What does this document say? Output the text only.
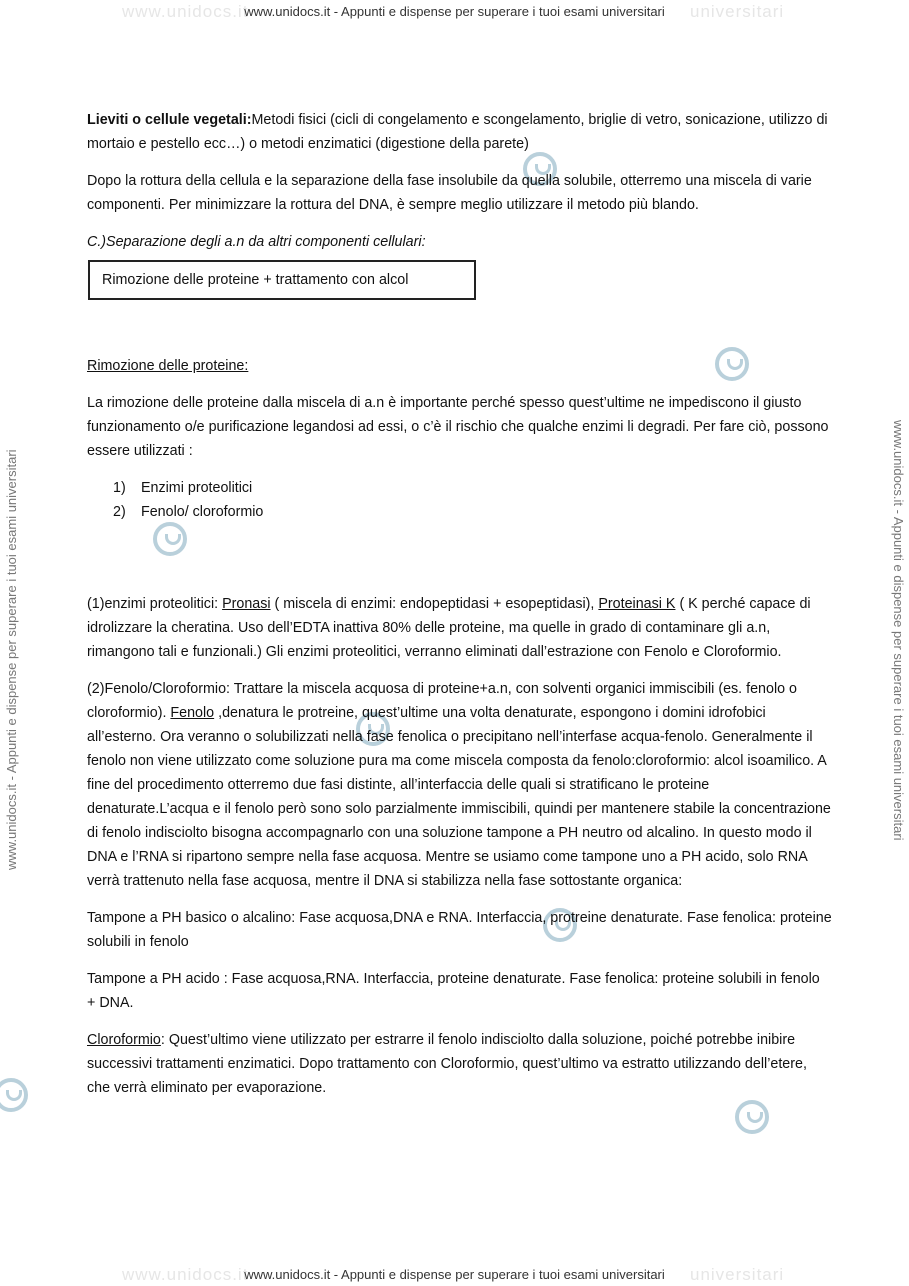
www.unidocs.it	universitari
www.unidocs.it	universitari
www.unidocs.it - Appunti e dispense per superare i tuoi esami universitari
www.unidocs.it - Appunti e dispense per superare i tuoi esami universitari
www.unidocs.it - Appunti e dispense per superare i tuoi esami universitari	www.unidocs.it - Appunti e dispense per superare i tuoi esami universitari

Lieviti o cellule vegetali:Metodi fisici (cicli di congelamento e scongelamento, briglie di vetro, sonicazione, utilizzo di mortaio e pestello ecc…) o metodi enzimatici (digestione della parete)

Dopo la rottura della cellula e la separazione della fase insolubile da quella solubile, otterremo una miscela di varie componenti. Per minimizzare la rottura del DNA, è sempre meglio utilizzare il metodo più blando.

C.)Separazione degli a.n da altri componenti cellulari:

Rimozione delle proteine + trattamento con alcol

Rimozione delle proteine:

La rimozione delle proteine dalla miscela di a.n è importante perché spesso quest’ultime ne impediscono il giusto funzionamento o/e purificazione legandosi ad essi, o c’è il rischio che qualche enzimi li degradi. Per fare ciò, possono essere utilizzati :

1) Enzimi proteolitici
2) Fenolo/ cloroformio

(1)enzimi proteolitici: Pronasi ( miscela di enzimi: endopeptidasi + esopeptidasi), Proteinasi K ( K perché capace di idrolizzare la cheratina. Uso dell’EDTA inattiva 80% delle proteine, ma quelle in grado di contaminare gli a.n, rimangono tali e funzionali.) Gli enzimi proteolitici, verranno eliminati dall’estrazione con Fenolo e Cloroformio.

(2)Fenolo/Cloroformio: Trattare la miscela acquosa di proteine+a.n, con solventi organici immiscibili (es. fenolo o cloroformio). Fenolo ,denatura le protreine, quest’ultime una volta denaturate, espongono i domini idrofobici all’esterno. Ora veranno o solubilizzati nella fase fenolica o precipitano nell’interfase acqua-fenolo. Generalmente il fenolo non viene utilizzato come soluzione pura ma come miscela composta da fenolo:cloroformio: alcol isoamilico. A fine del procedimento otterremo due fasi distinte, all’interfaccia delle quali si stratificano le proteine denaturate.L’acqua e il fenolo però sono solo parzialmente immiscibili, quindi per mantenere stabile la concentrazione di fenolo indisciolto bisogna accompagnarlo con una soluzione tampone a PH neutro od alcalino. In questo modo il DNA e l’RNA si ripartono sempre nella fase acquosa. Mentre se usiamo come tampone uno a PH acido, solo RNA verrà trattenuto nella fase acquosa, mentre il DNA si stabilizza nella fase sottostante organica:

Tampone a PH basico o alcalino: Fase acquosa,DNA e RNA. Interfaccia, protreine denaturate. Fase fenolica: proteine solubili in fenolo

Tampone a PH acido : Fase acquosa,RNA. Interfaccia, proteine denaturate. Fase fenolica: proteine solubili in fenolo + DNA.

Cloroformio: Quest’ultimo viene utilizzato per estrarre il fenolo indisciolto dalla soluzione, poiché potrebbe inibire successivi trattamenti enzimatici. Dopo trattamento con Cloroformio, quest’ultimo va estratto utilizzando dell’etere, che verrà eliminato per evaporazione.
